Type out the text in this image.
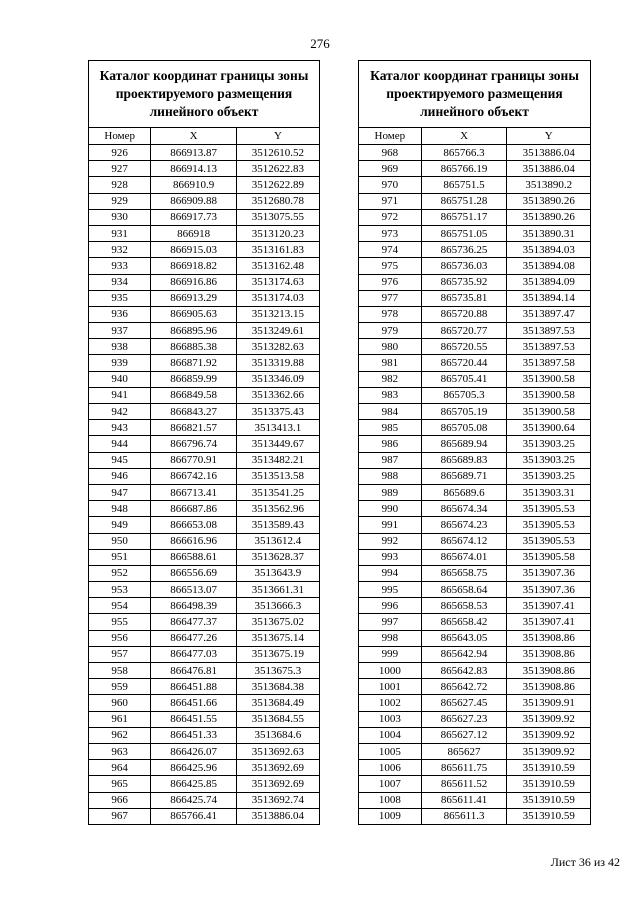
276
Каталог координат границы зоны проектируемого размещения линейного объект		
Номер	X	Y
926	866913.87	3512610.52
927	866914.13	3512622.83
928	866910.9	3512622.89
929	866909.88	3512680.78
930	866917.73	3513075.55
931	866918	3513120.23
932	866915.03	3513161.83
933	866918.82	3513162.48
934	866916.86	3513174.63
935	866913.29	3513174.03
936	866905.63	3513213.15
937	866895.96	3513249.61
938	866885.38	3513282.63
939	866871.92	3513319.88
940	866859.99	3513346.09
941	866849.58	3513362.66
942	866843.27	3513375.43
943	866821.57	3513413.1
944	866796.74	3513449.67
945	866770.91	3513482.21
946	866742.16	3513513.58
947	866713.41	3513541.25
948	866687.86	3513562.96
949	866653.08	3513589.43
950	866616.96	3513612.4
951	866588.61	3513628.37
952	866556.69	3513643.9
953	866513.07	3513661.31
954	866498.39	3513666.3
955	866477.37	3513675.02
956	866477.26	3513675.14
957	866477.03	3513675.19
958	866476.81	3513675.3
959	866451.88	3513684.38
960	866451.66	3513684.49
961	866451.55	3513684.55
962	866451.33	3513684.6
963	866426.07	3513692.63
964	866425.96	3513692.69
965	866425.85	3513692.69
966	866425.74	3513692.74
967	865766.41	3513886.04
Каталог координат границы зоны проектируемого размещения линейного объект		
Номер	X	Y
968	865766.3	3513886.04
969	865766.19	3513886.04
970	865751.5	3513890.2
971	865751.28	3513890.26
972	865751.17	3513890.26
973	865751.05	3513890.31
974	865736.25	3513894.03
975	865736.03	3513894.08
976	865735.92	3513894.09
977	865735.81	3513894.14
978	865720.88	3513897.47
979	865720.77	3513897.53
980	865720.55	3513897.53
981	865720.44	3513897.58
982	865705.41	3513900.58
983	865705.3	3513900.58
984	865705.19	3513900.58
985	865705.08	3513900.64
986	865689.94	3513903.25
987	865689.83	3513903.25
988	865689.71	3513903.25
989	865689.6	3513903.31
990	865674.34	3513905.53
991	865674.23	3513905.53
992	865674.12	3513905.53
993	865674.01	3513905.58
994	865658.75	3513907.36
995	865658.64	3513907.36
996	865658.53	3513907.41
997	865658.42	3513907.41
998	865643.05	3513908.86
999	865642.94	3513908.86
1000	865642.83	3513908.86
1001	865642.72	3513908.86
1002	865627.45	3513909.91
1003	865627.23	3513909.92
1004	865627.12	3513909.92
1005	865627	3513909.92
1006	865611.75	3513910.59
1007	865611.52	3513910.59
1008	865611.41	3513910.59
1009	865611.3	3513910.59
Лист 36 из 42
